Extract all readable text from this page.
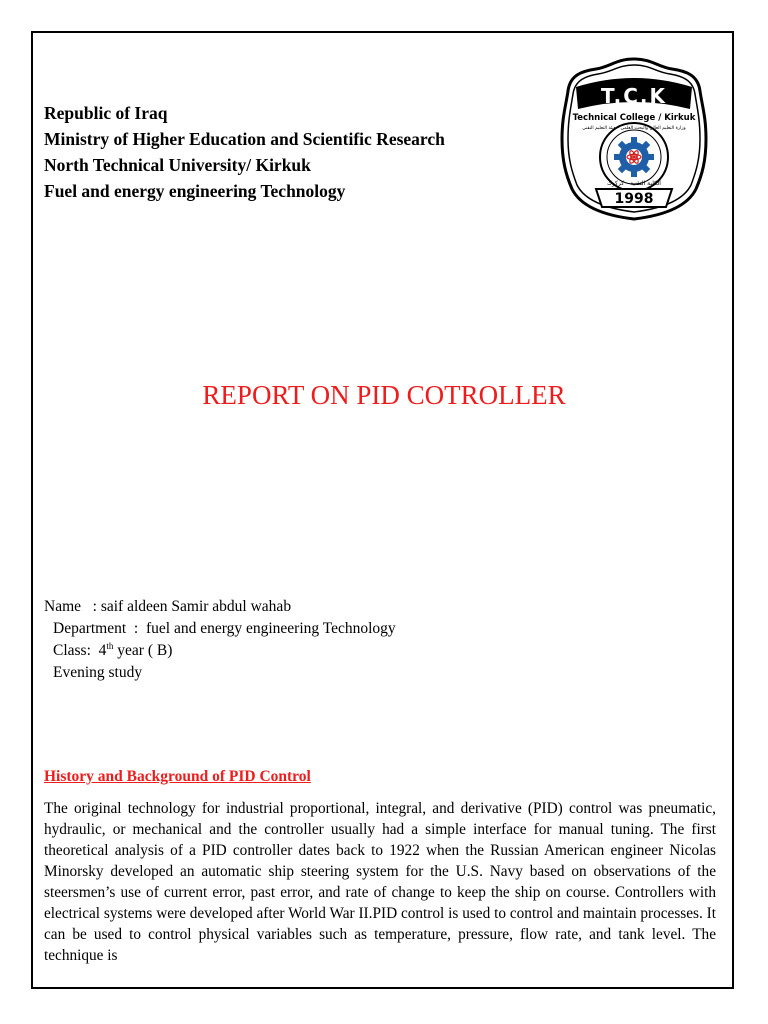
Republic of Iraq
Ministry of Higher Education and Scientific Research
North Technical University/ Kirkuk
Fuel and energy engineering Technology
T.C.K
Technical College / Kirkuk
وزارة التعليم العالي والبحث العلمي - هيئة التعليم التقني
الكلية التقنية - كركوك
1998
REPORT ON PID COTROLLER
Name   : saif aldeen Samir abdul wahab
Department  :  fuel and energy engineering Technology
Class: 4th year ( B)
Evening study
History and Background of PID Control

The original technology for industrial proportional, integral, and derivative (PID) control was pneumatic, hydraulic, or mechanical and the controller usually had a simple interface for manual tuning. The first theoretical analysis of a PID controller dates back to 1922 when the Russian American engineer Nicolas Minorsky developed an automatic ship steering system for the U.S. Navy based on observations of the steersmen’s use of current error, past error, and rate of change to keep the ship on course. Controllers with electrical systems were developed after World War II.PID control is used to control and maintain processes. It can be used to control physical variables such as temperature, pressure, flow rate, and tank level. The technique is
